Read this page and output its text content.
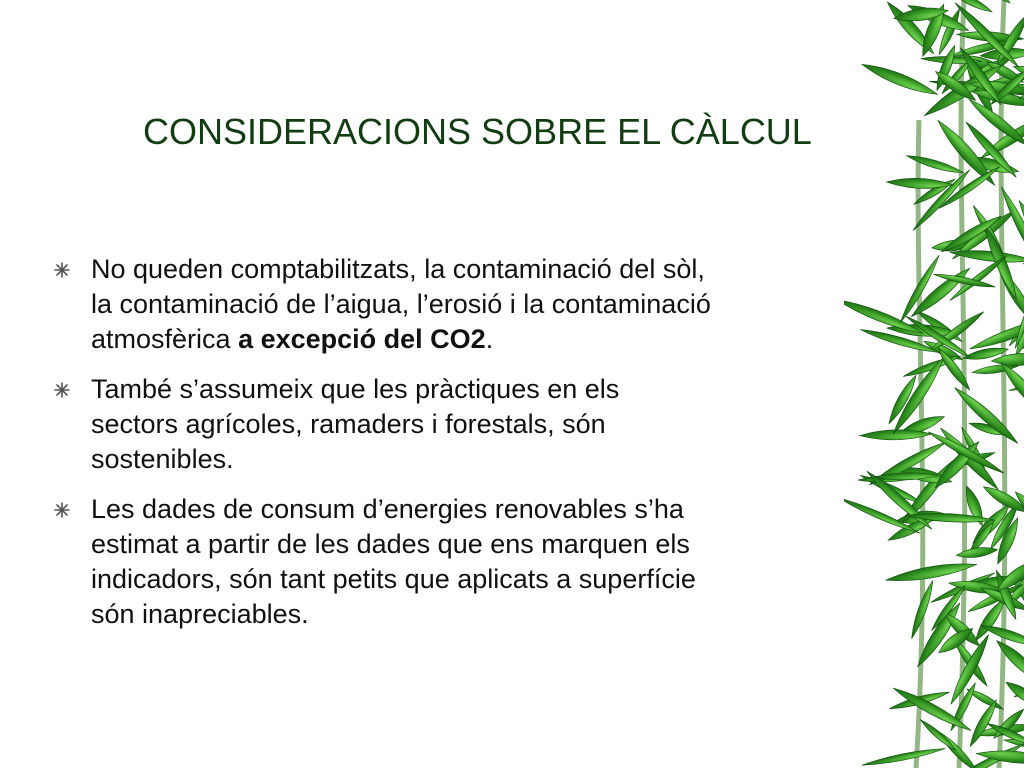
CONSIDERACIONS SOBRE EL CÀLCUL
No queden comptabilitzats, la contaminació del sòl,
la contaminació de l’aigua, l’erosió i la contaminació
atmosfèrica a excepció del CO2.
També s’assumeix que les pràctiques en els
sectors agrícoles, ramaders i forestals, són
sostenibles.
Les dades de consum d’energies renovables s’ha
estimat a partir de les dades que ens marquen els
indicadors, són tant petits que aplicats a superfície
són inapreciables.
